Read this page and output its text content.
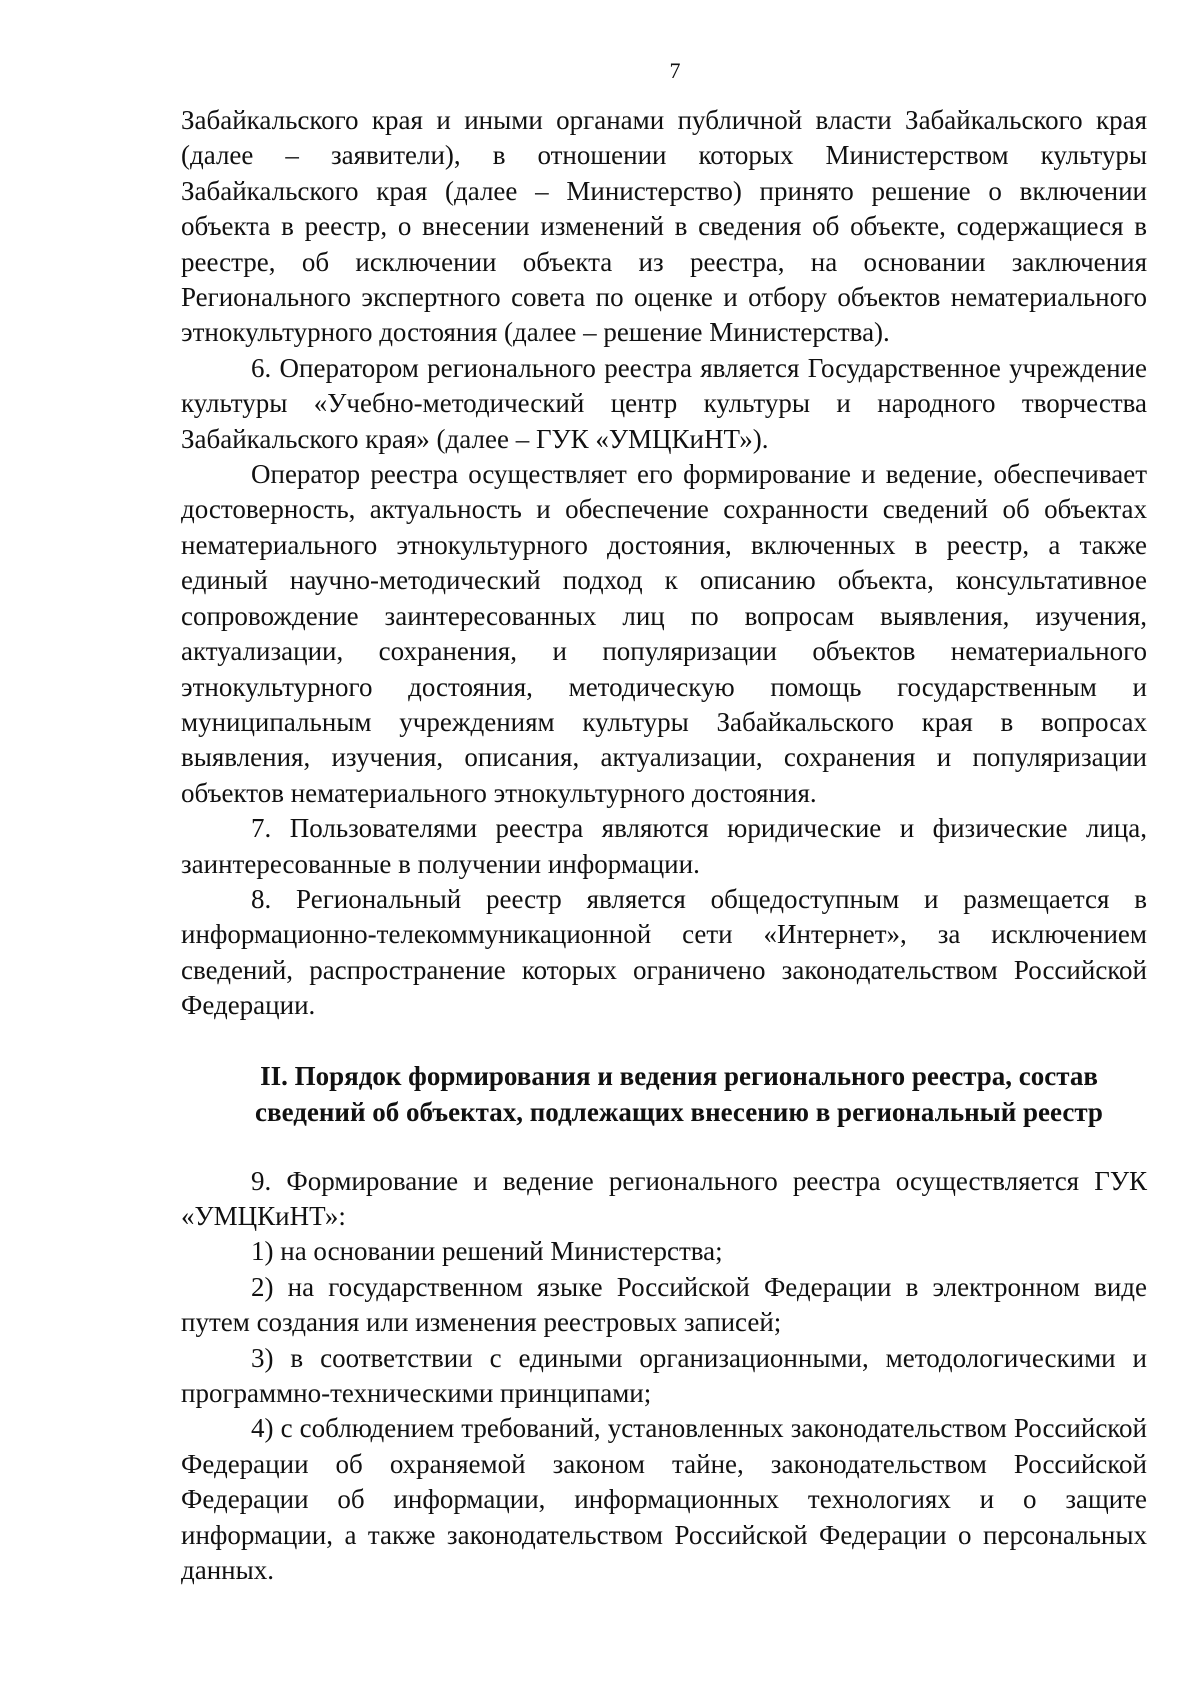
7

Забайкальского края и иными органами публичной власти Забайкальского края (далее – заявители), в отношении которых Министерством культуры Забайкальского края (далее – Министерство) принято решение о включении объекта в реестр, о внесении изменений в сведения об объекте, содержащиеся в реестре, об исключении объекта из реестра, на основании заключения Регионального экспертного совета по оценке и отбору объектов нематериального этнокультурного достояния (далее – решение Министерства).

6. Оператором регионального реестра является Государственное учреждение культуры «Учебно-методический центр культуры и народного творчества Забайкальского края» (далее – ГУК «УМЦКиНТ»).

Оператор реестра осуществляет его формирование и ведение, обеспечивает достоверность, актуальность и обеспечение сохранности сведений об объектах нематериального этнокультурного достояния, включенных в реестр, а также единый научно-методический подход к описанию объекта, консультативное сопровождение заинтересованных лиц по вопросам выявления, изучения, актуализации, сохранения, и популяризации объектов нематериального этнокультурного достояния, методическую помощь государственным и муниципальным учреждениям культуры Забайкальского края в вопросах выявления, изучения, описания, актуализации, сохранения и популяризации объектов нематериального этнокультурного достояния.

7. Пользователями реестра являются юридические и физические лица, заинтересованные в получении информации.

8. Региональный реестр является общедоступным и размещается в информационно-телекоммуникационной сети «Интернет», за исключением сведений, распространение которых ограничено законодательством Российской Федерации.

II. Порядок формирования и ведения регионального реестра, состав
сведений об объектах, подлежащих внесению в региональный реестр

9. Формирование и ведение регионального реестра осуществляется ГУК «УМЦКиНТ»:

1) на основании решений Министерства;

2) на государственном языке Российской Федерации в электронном виде путем создания или изменения реестровых записей;

3) в соответствии с едиными организационными, методологическими и программно-техническими принципами;

4) с соблюдением требований, установленных законодательством Российской Федерации об охраняемой законом тайне, законодательством Российской Федерации об информации, информационных технологиях и о защите информации, а также законодательством Российской Федерации о персональных данных.
